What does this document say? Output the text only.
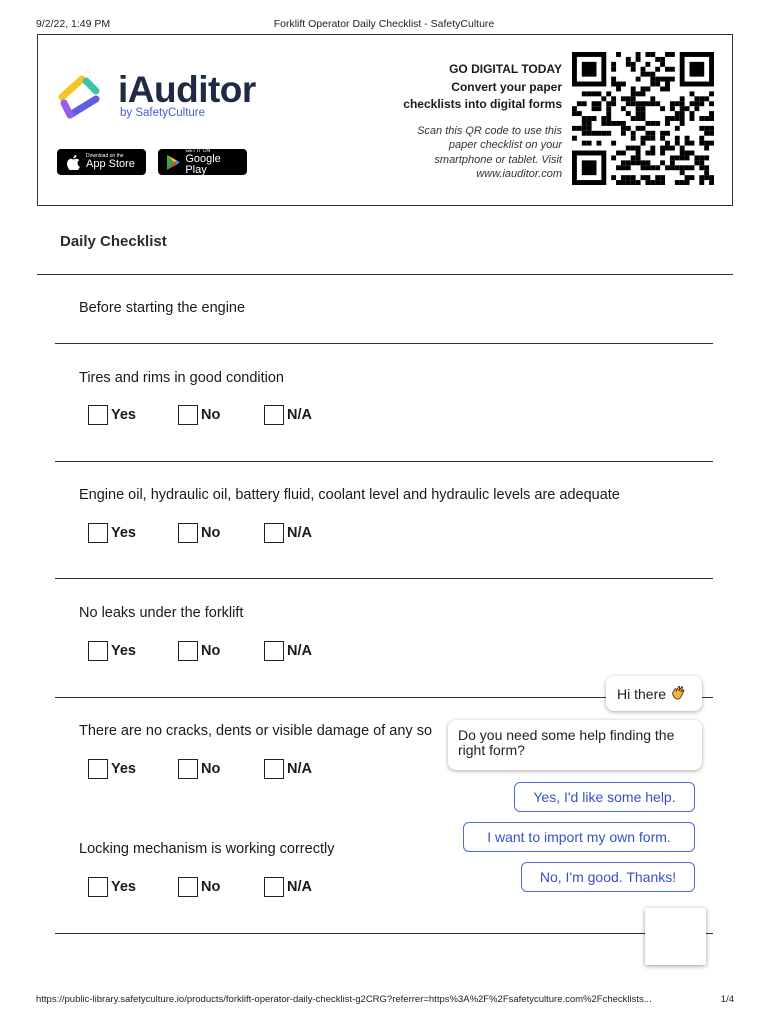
9/2/22, 1:49 PM	Forklift Operator Daily Checklist - SafetyCulture
iAuditor
by SafetyCulture
Download on the
App Store
GET IT ON
Google Play
GO DIGITAL TODAY
Convert your paper
checklists into digital forms
Scan this QR code to use this
paper checklist on your
smartphone or tablet. Visit
www.iauditor.com
Daily Checklist
Before starting the engine
Tires and rims in good condition
Yes	No	N/A
Engine oil, hydraulic oil, battery fluid, coolant level and hydraulic levels are adequate
Yes	No	N/A
No leaks under the forklift
Yes	No	N/A
There are no cracks, dents or visible damage of any so
Yes	No	N/A
Locking mechanism is working correctly
Yes	No	N/A
Hi there
Do you need some help finding the right form?
Yes, I'd like some help.
I want to import my own form.
No, I'm good. Thanks!
https://public-library.safetyculture.io/products/forklift-operator-daily-checklist-g2CRG?referrer=https%3A%2F%2Fsafetyculture.com%2Fchecklists...	1/4
